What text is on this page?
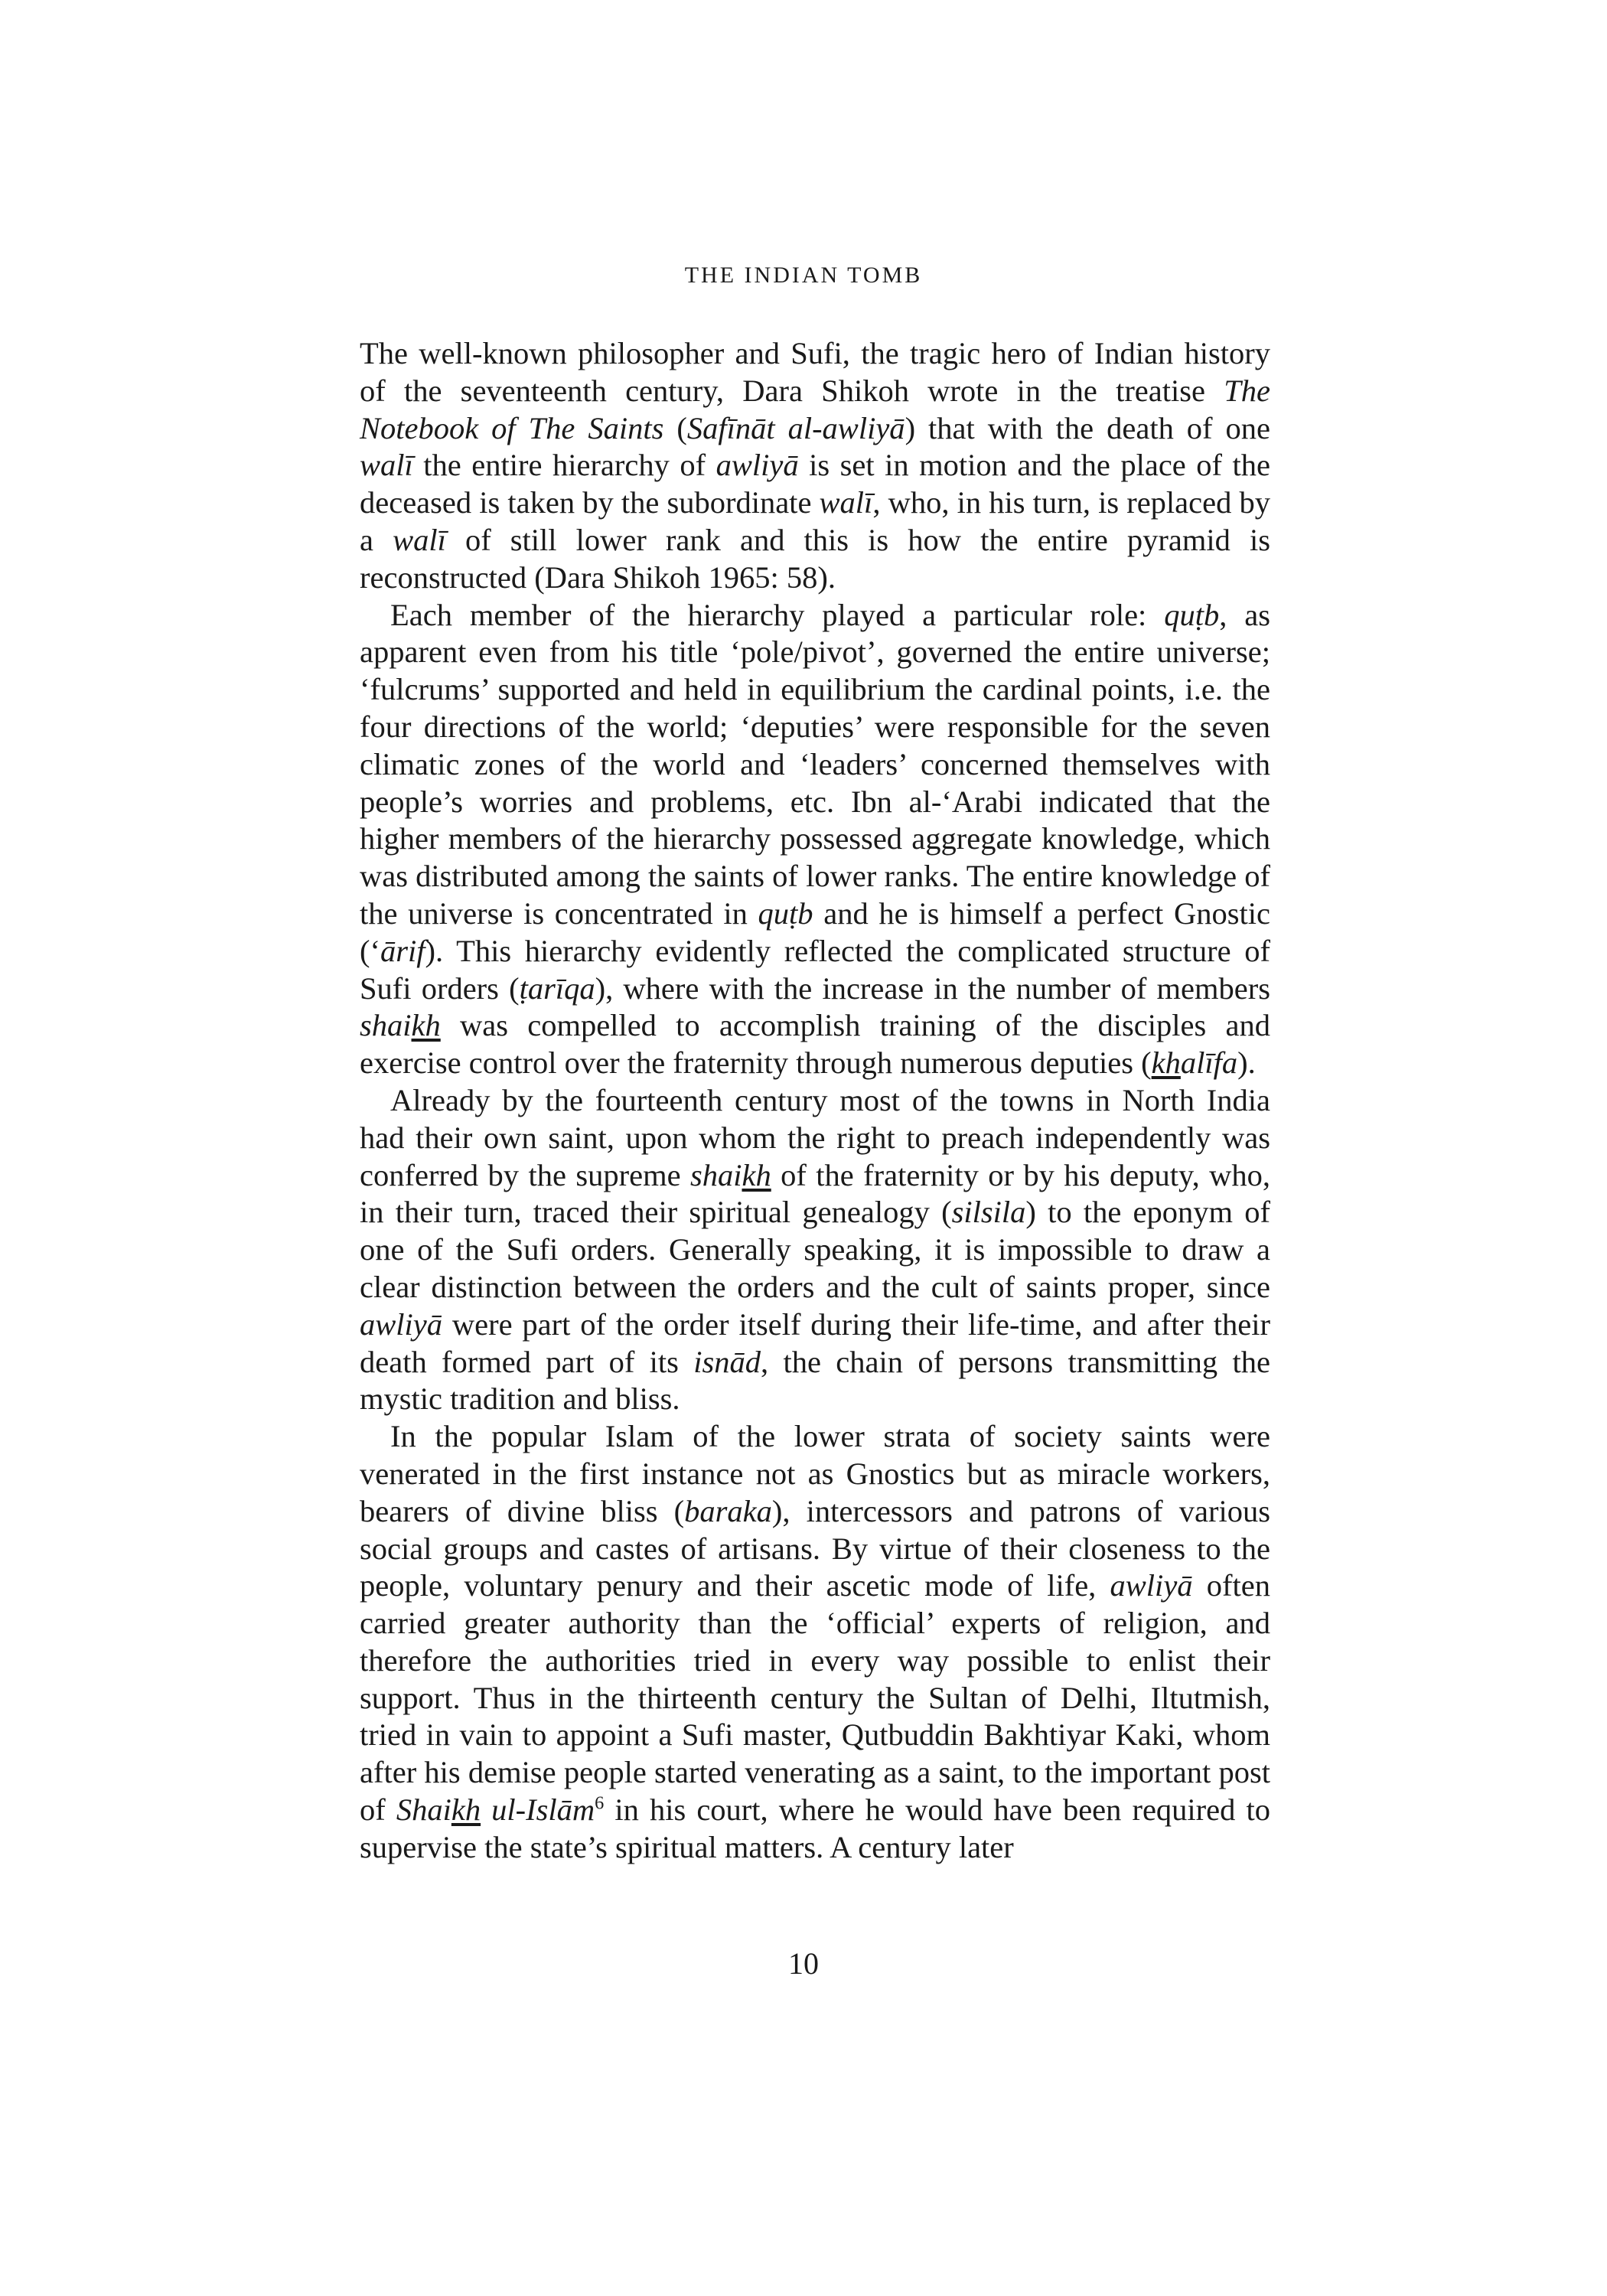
THE INDIAN TOMB

The well-known philosopher and Sufi, the tragic hero of Indian history of the seventeenth century, Dara Shikoh wrote in the treatise The Notebook of The Saints (Safīnāt al-awliyā) that with the death of one walī the entire hierarchy of awliyā is set in motion and the place of the deceased is taken by the subordinate walī, who, in his turn, is replaced by a walī of still lower rank and this is how the entire pyramid is reconstructed (Dara Shikoh 1965: 58).

Each member of the hierarchy played a particular role: quṭb, as apparent even from his title ‘pole/pivot’, governed the entire universe; ‘fulcrums’ supported and held in equilibrium the cardinal points, i.e. the four directions of the world; ‘deputies’ were responsible for the seven climatic zones of the world and ‘leaders’ concerned themselves with people’s worries and problems, etc. Ibn al-‘Arabi indicated that the higher members of the hierarchy possessed aggregate knowledge, which was distributed among the saints of lower ranks. The entire knowledge of the universe is concentrated in quṭb and he is himself a perfect Gnostic (‘ārif). This hierarchy evidently reflected the complicated structure of Sufi orders (ṭarīqa), where with the increase in the number of members shaikh was compelled to accomplish training of the disciples and exercise control over the fraternity through numerous deputies (khalīfa).

Already by the fourteenth century most of the towns in North India had their own saint, upon whom the right to preach independently was conferred by the supreme shaikh of the fraternity or by his deputy, who, in their turn, traced their spiritual genealogy (silsila) to the eponym of one of the Sufi orders. Generally speaking, it is impossible to draw a clear distinction between the orders and the cult of saints proper, since awliyā were part of the order itself during their life-time, and after their death formed part of its isnād, the chain of persons transmitting the mystic tradition and bliss.

In the popular Islam of the lower strata of society saints were venerated in the first instance not as Gnostics but as miracle workers, bearers of divine bliss (baraka), intercessors and patrons of various social groups and castes of artisans. By virtue of their closeness to the people, voluntary penury and their ascetic mode of life, awliyā often carried greater authority than the ‘official’ experts of religion, and therefore the authorities tried in every way possible to enlist their support. Thus in the thirteenth century the Sultan of Delhi, Iltutmish, tried in vain to appoint a Sufi master, Qutbuddin Bakhtiyar Kaki, whom after his demise people started venerating as a saint, to the important post of Shaikh ul-Islām$^6$ in his court, where he would have been required to supervise the state’s spiritual matters. A century later

10
